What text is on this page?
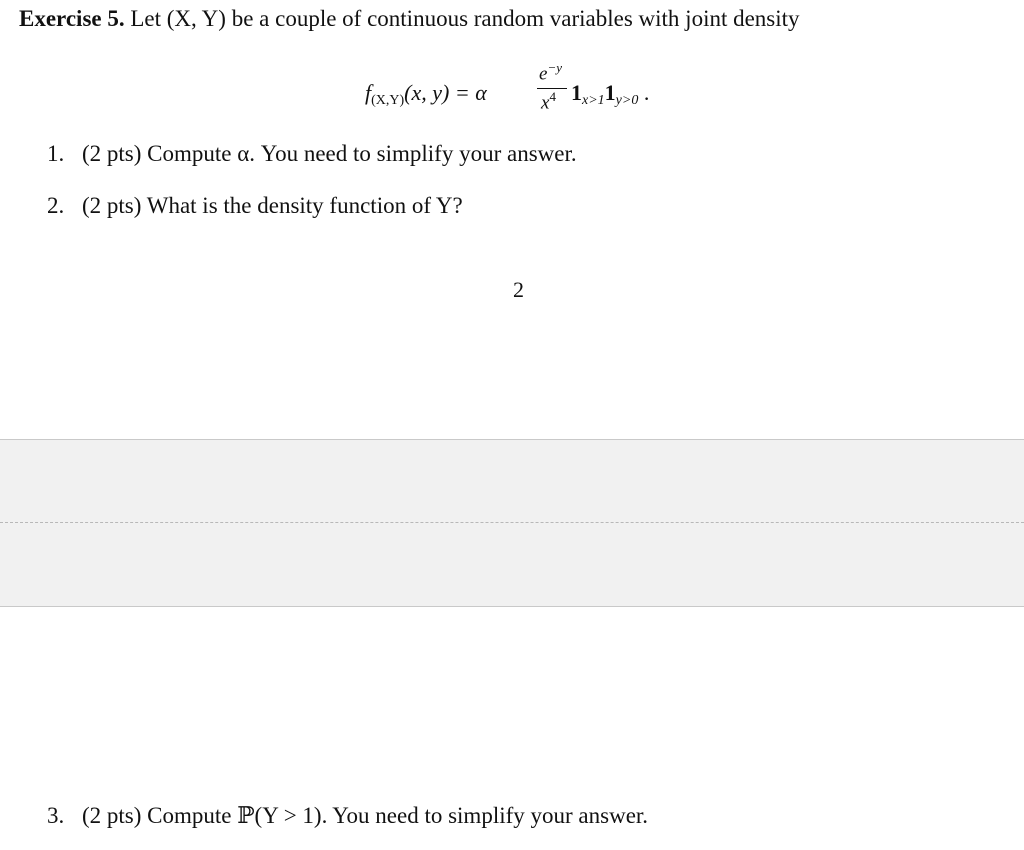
Exercise 5. Let (X, Y) be a couple of continuous random variables with joint density
$f_{(X,Y)}(x$, y) = α
$e^{-y}$
$x^4$ $1_{x>1}1_{y>0}$ .
1. (2 pts) Compute α. You need to simplify your answer.
2. (2 pts) What is the density function of Y?
2
3. (2 pts) Compute ℙ(Y > 1). You need to simplify your answer.
